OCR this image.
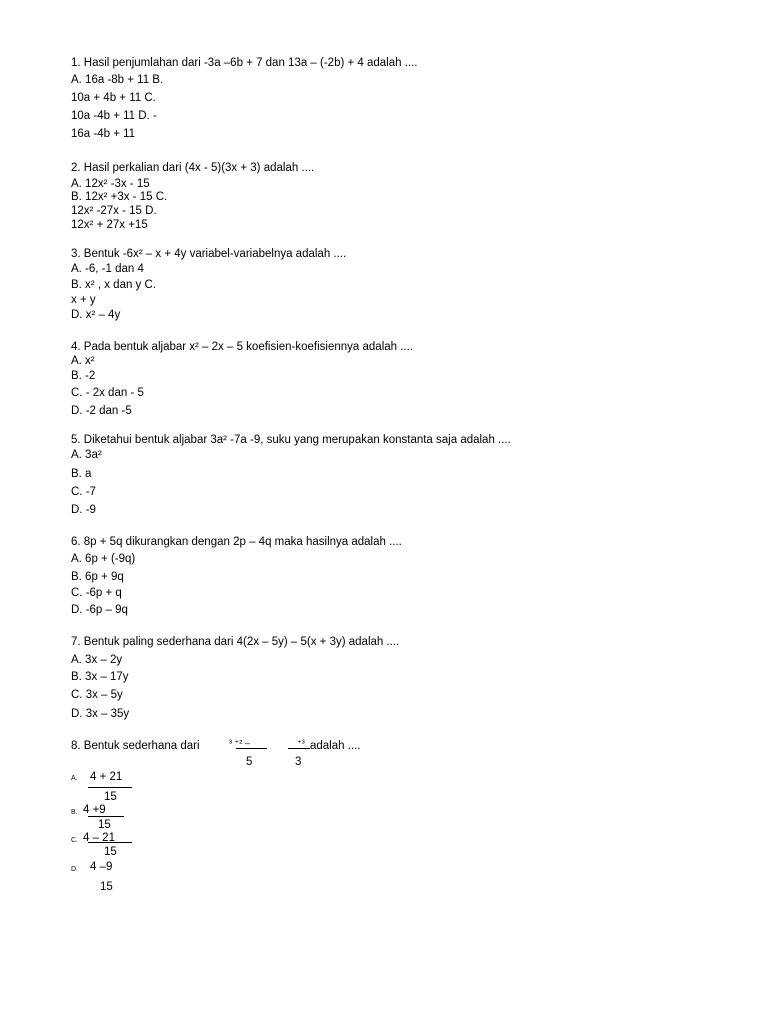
1. Hasil penjumlahan dari -3a –6b + 7 dan 13a – (-2b) + 4 adalah ....
A. 16a -8b + 11 B.
10a + 4b + 11 C.
10a -4b + 11 D. -
16a -4b + 11
2. Hasil perkalian dari (4x - 5)(3x + 3) adalah ....
A. 12x² -3x - 15
B. 12x² +3x - 15 C.
12x² -27x - 15 D.
12x² + 27x +15
3. Bentuk -6x² – x + 4y variabel-variabelnya adalah ....
A. -6, -1 dan 4
B. x² , x dan y C.
x + y
D. x² – 4y
4. Pada bentuk aljabar x² – 2x – 5 koefisien-koefisiennya adalah ....
A. x²
B. -2
C. - 2x dan - 5
D. -2 dan -5
5. Diketahui bentuk aljabar 3a² -7a -9, suku yang merupakan konstanta saja adalah ....
A. 3a²
B. a
C. -7
D. -9
6. 8p + 5q dikurangkan dengan 2p – 4q maka hasilnya adalah ....
A. 6p + (-9q)
B. 6p + 9q
C. -6p + q
D. -6p – 9q
7. Bentuk paling sederhana dari 4(2x – 5y) – 5(x + 3y) adalah ....
A. 3x – 2y
B. 3x – 17y
C. 3x – 5y
D. 3x – 35y
8. Bentuk sederhana dari	³ ⁺² –
5
⁺³
3
adalah ....
A. 4 + 21
15
B. 4 +9
15
C. 4 – 21
15
D. 4 –9
15
